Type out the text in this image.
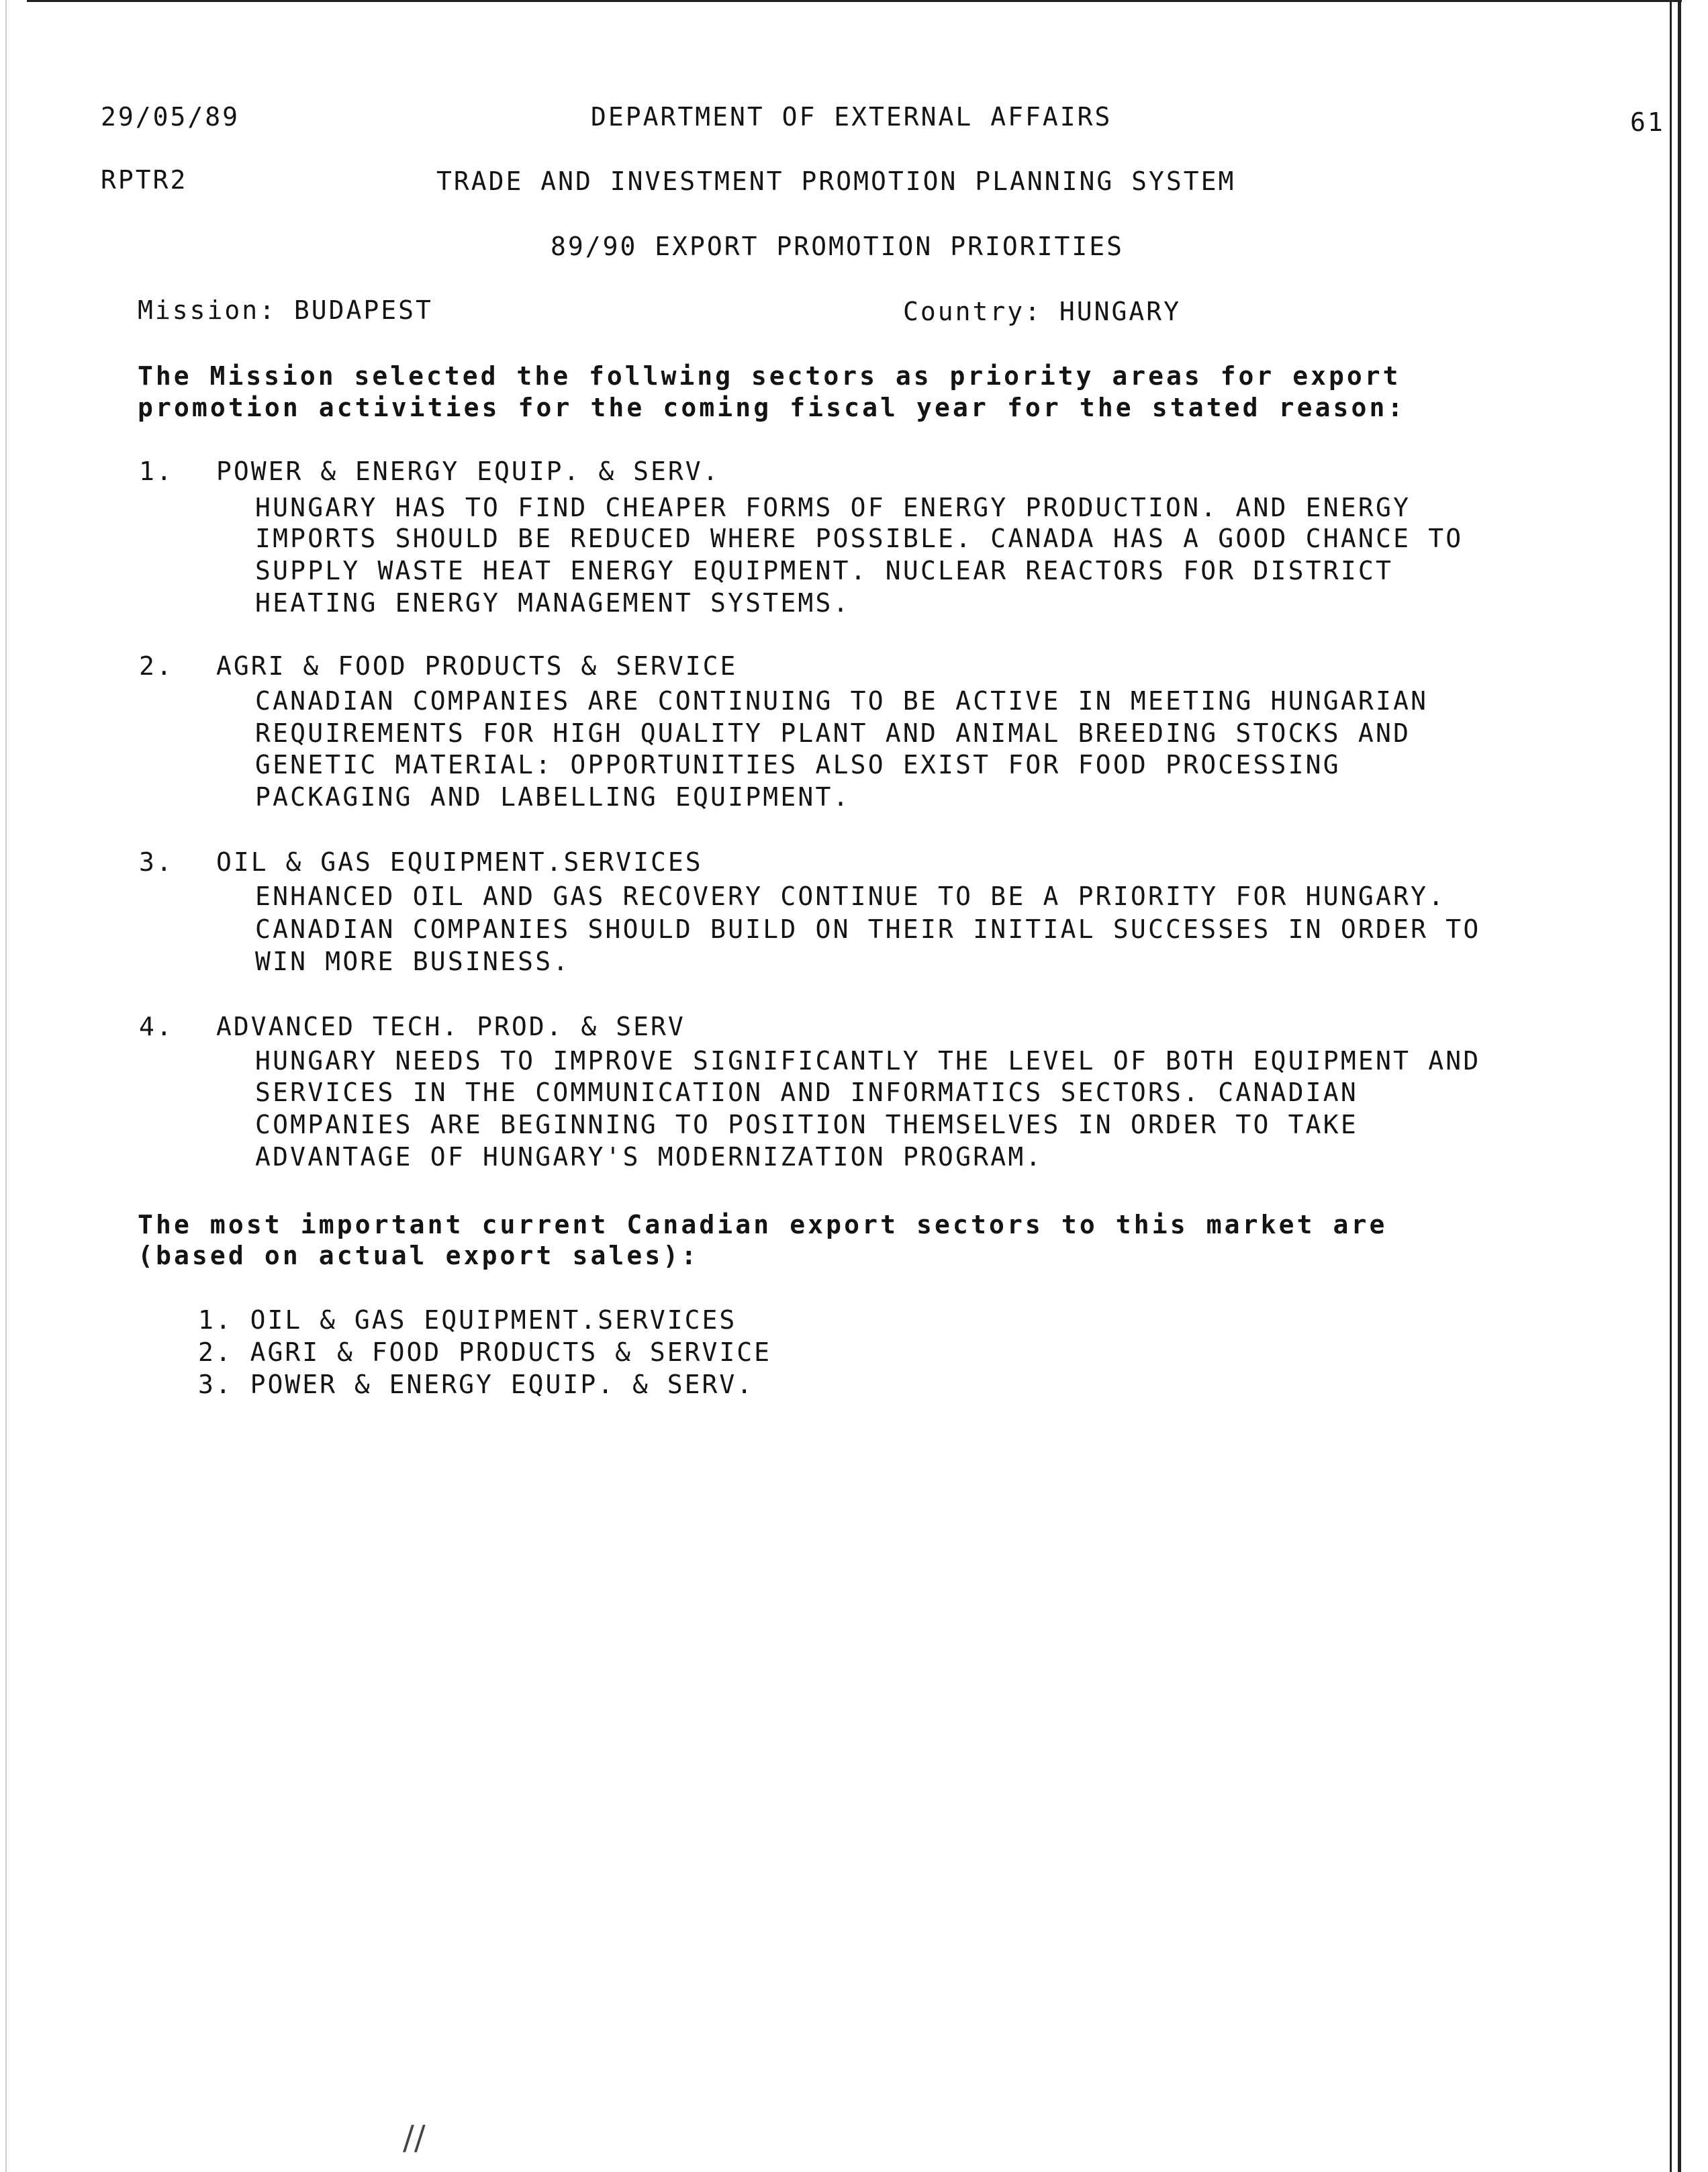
29/05/89	DEPARTMENT OF EXTERNAL AFFAIRS	61
RPTR2	TRADE AND INVESTMENT PROMOTION PLANNING SYSTEM
89/90 EXPORT PROMOTION PRIORITIES
Mission: BUDAPEST	Country: HUNGARY
The Mission selected the follwing sectors as priority areas for export
promotion activities for the coming fiscal year for the stated reason:
1. POWER & ENERGY EQUIP. & SERV.
HUNGARY HAS TO FIND CHEAPER FORMS OF ENERGY PRODUCTION. AND ENERGY
IMPORTS SHOULD BE REDUCED WHERE POSSIBLE. CANADA HAS A GOOD CHANCE TO
SUPPLY WASTE HEAT ENERGY EQUIPMENT. NUCLEAR REACTORS FOR DISTRICT
HEATING ENERGY MANAGEMENT SYSTEMS.
2. AGRI & FOOD PRODUCTS & SERVICE
CANADIAN COMPANIES ARE CONTINUING TO BE ACTIVE IN MEETING HUNGARIAN
REQUIREMENTS FOR HIGH QUALITY PLANT AND ANIMAL BREEDING STOCKS AND
GENETIC MATERIAL: OPPORTUNITIES ALSO EXIST FOR FOOD PROCESSING
PACKAGING AND LABELLING EQUIPMENT.
3. OIL & GAS EQUIPMENT.SERVICES
ENHANCED OIL AND GAS RECOVERY CONTINUE TO BE A PRIORITY FOR HUNGARY.
CANADIAN COMPANIES SHOULD BUILD ON THEIR INITIAL SUCCESSES IN ORDER TO
WIN MORE BUSINESS.
4. ADVANCED TECH. PROD. & SERV
HUNGARY NEEDS TO IMPROVE SIGNIFICANTLY THE LEVEL OF BOTH EQUIPMENT AND
SERVICES IN THE COMMUNICATION AND INFORMATICS SECTORS. CANADIAN
COMPANIES ARE BEGINNING TO POSITION THEMSELVES IN ORDER TO TAKE
ADVANTAGE OF HUNGARY'S MODERNIZATION PROGRAM.
The most important current Canadian export sectors to this market are
(based on actual export sales):
1. OIL & GAS EQUIPMENT.SERVICES
2. AGRI & FOOD PRODUCTS & SERVICE
3. POWER & ENERGY EQUIP. & SERV.
//
